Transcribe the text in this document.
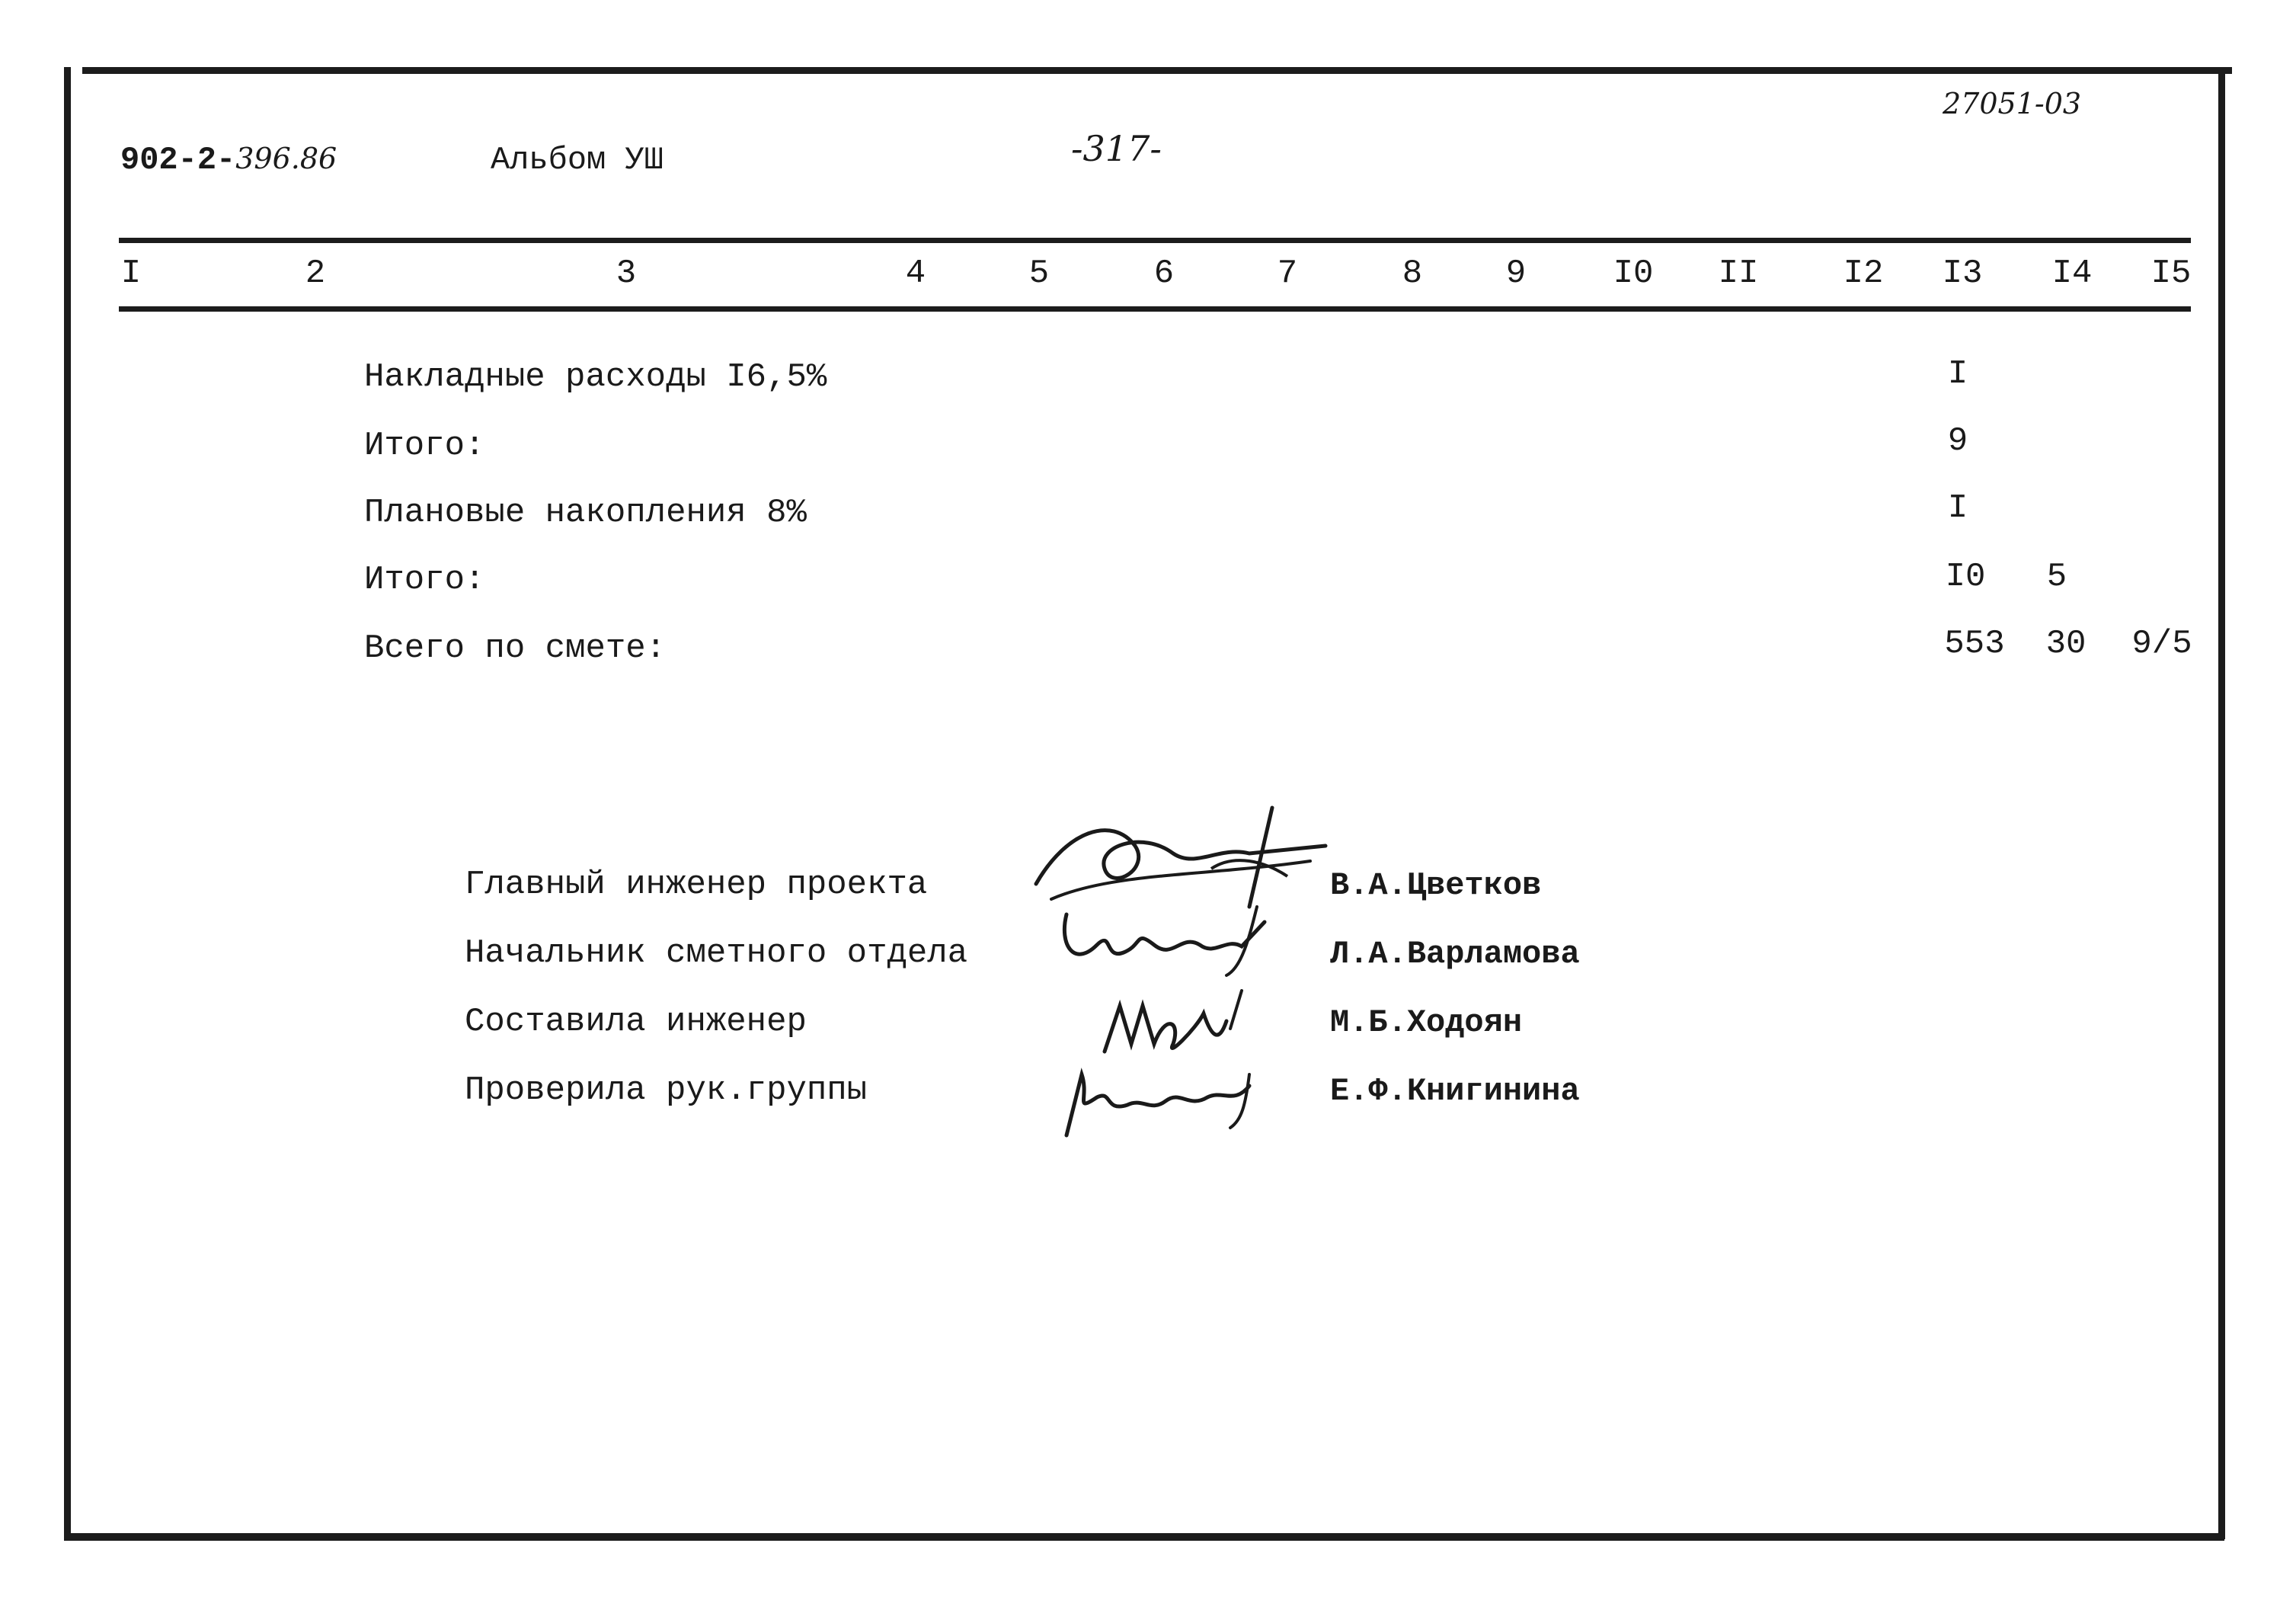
902-2-396.86	Альбом УШ	-317-
27051-03
I	2	3	4	5	6	7	8 9	I0 II	I2 I3 I4 I5
Накладные расходы I6,5%	I
Итого:	9
Плановые накопления 8%	I
Итого:	I0 5
Всего по смете:	553 30 9/5
Главный инженер проекта	В.А.Цветков
Начальник сметного отдела	Л.А.Варламова
Составила инженер	М.Б.Ходоян
Проверила рук.группы	Е.Ф.Книгинина
